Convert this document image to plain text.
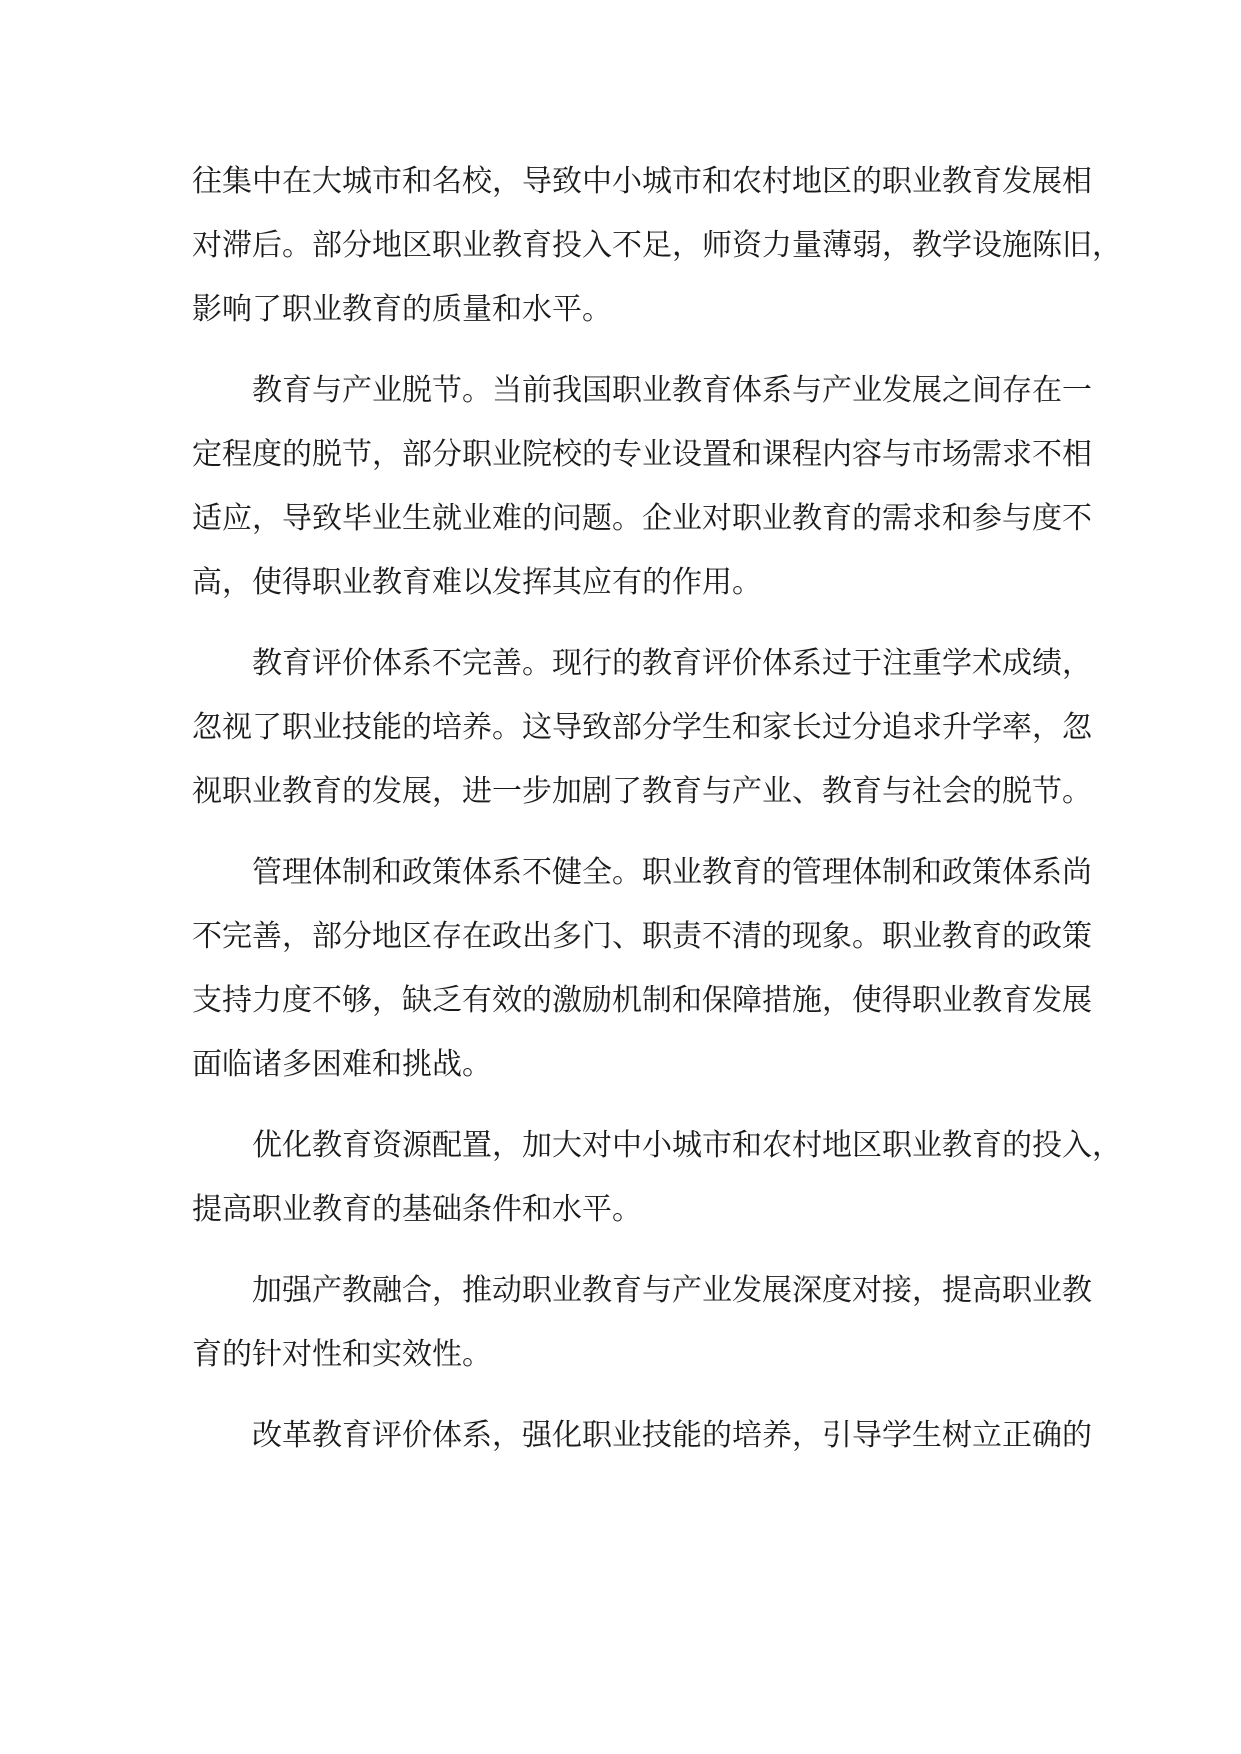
往集中在大城市和名校，导致中小城市和农村地区的职业教育发展相
对滞后。部分地区职业教育投入不足，师资力量薄弱，教学设施陈旧，
影响了职业教育的质量和水平。
教育与产业脱节。当前我国职业教育体系与产业发展之间存在一
定程度的脱节，部分职业院校的专业设置和课程内容与市场需求不相
适应，导致毕业生就业难的问题。企业对职业教育的需求和参与度不
高，使得职业教育难以发挥其应有的作用。
教育评价体系不完善。现行的教育评价体系过于注重学术成绩，
忽视了职业技能的培养。这导致部分学生和家长过分追求升学率，忽
视职业教育的发展，进一步加剧了教育与产业、教育与社会的脱节。
管理体制和政策体系不健全。职业教育的管理体制和政策体系尚
不完善，部分地区存在政出多门、职责不清的现象。职业教育的政策
支持力度不够，缺乏有效的激励机制和保障措施，使得职业教育发展
面临诸多困难和挑战。
优化教育资源配置，加大对中小城市和农村地区职业教育的投入，
提高职业教育的基础条件和水平。
加强产教融合，推动职业教育与产业发展深度对接，提高职业教
育的针对性和实效性。
改革教育评价体系，强化职业技能的培养，引导学生树立正确的
